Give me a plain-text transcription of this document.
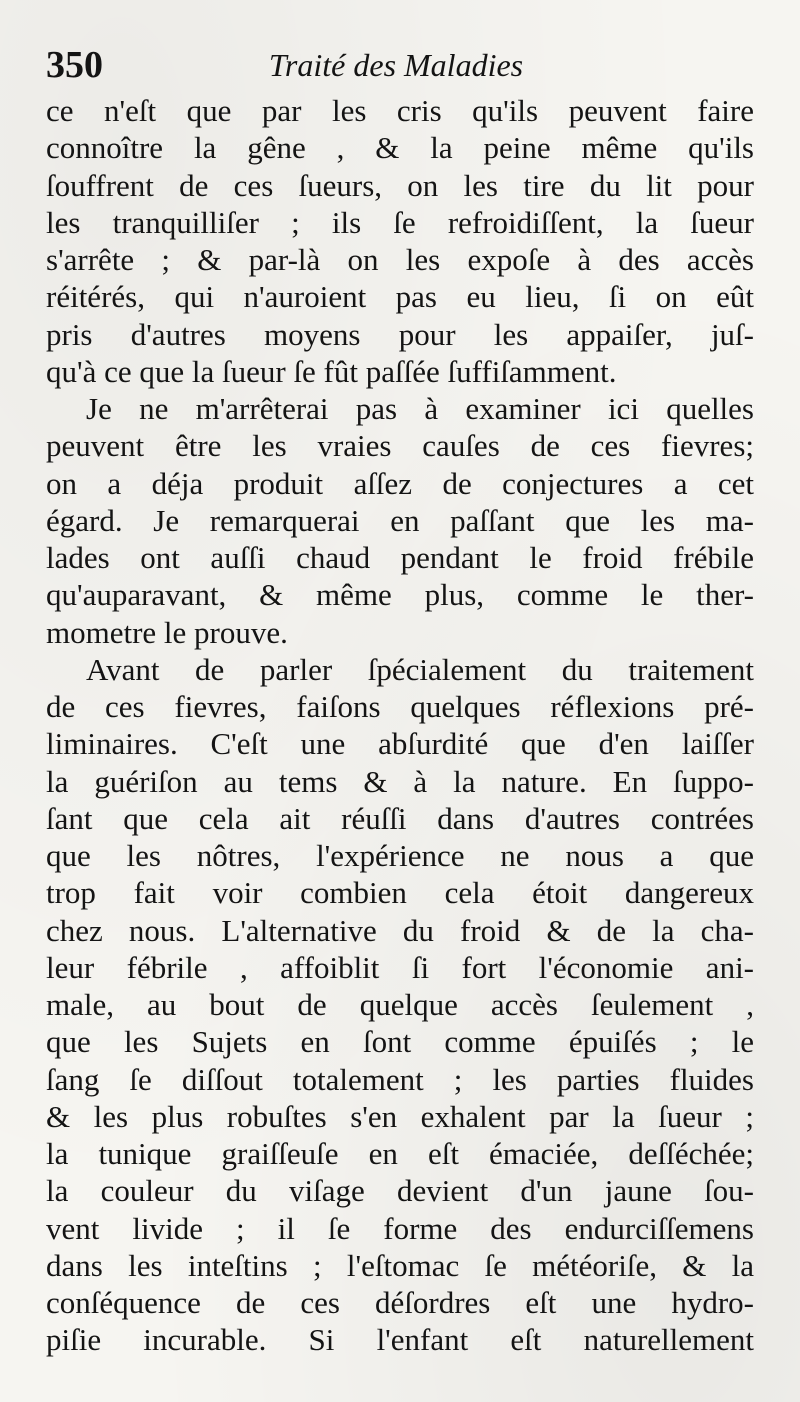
350	Traité des Maladies
ce n'eſt que par les cris qu'ils peuvent faire
connoître la gêne , & la peine même qu'ils
ſouffrent de ces ſueurs, on les tire du lit pour
les tranquilliſer ; ils ſe refroidiſſent, la ſueur
s'arrête ; & par-là on les expoſe à des accès
réitérés, qui n'auroient pas eu lieu, ſi on eût
pris d'autres moyens pour les appaiſer, juſ-
qu'à ce que la ſueur ſe fût paſſée ſuffiſamment.
Je ne m'arrêterai pas à examiner ici quelles
peuvent être les vraies cauſes de ces fievres;
on a déja produit aſſez de conjectures a cet
égard. Je remarquerai en paſſant que les ma-
lades ont auſſi chaud pendant le froid frébile
qu'auparavant, & même plus, comme le ther-
mometre le prouve.
Avant de parler ſpécialement du traitement
de ces fievres, faiſons quelques réflexions pré-
liminaires. C'eſt une abſurdité que d'en laiſſer
la guériſon au tems & à la nature. En ſuppo-
ſant que cela ait réuſſi dans d'autres contrées
que les nôtres, l'expérience ne nous a que
trop fait voir combien cela étoit dangereux
chez nous. L'alternative du froid & de la cha-
leur fébrile , affoiblit ſi fort l'économie ani-
male, au bout de quelque accès ſeulement ,
que les Sujets en ſont comme épuiſés ; le
ſang ſe diſſout totalement ; les parties fluides
& les plus robuſtes s'en exhalent par la ſueur ;
la tunique graiſſeuſe en eſt émaciée, deſſéchée;
la couleur du viſage devient d'un jaune ſou-
vent livide ; il ſe forme des endurciſſemens
dans les inteſtins ; l'eſtomac ſe météoriſe, & la
conſéquence de ces déſordres eſt une hydro-
piſie incurable. Si l'enfant eſt naturellement
